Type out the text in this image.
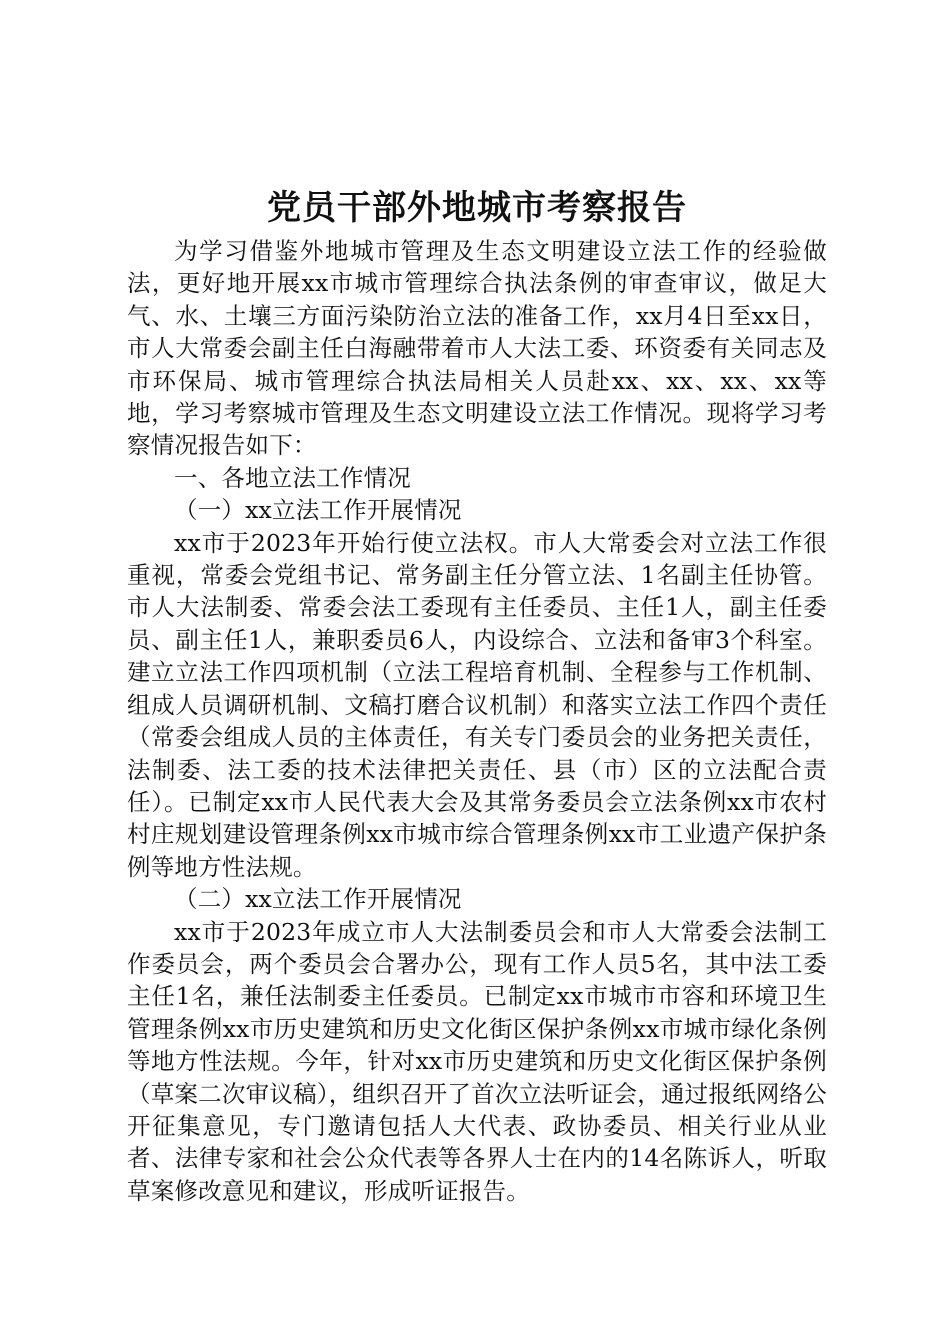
党员干部外地城市考察报告

为学习借鉴外地城市管理及生态文明建设立法工作的经验做法，更好地开展xx市城市管理综合执法条例的审查审议，做足大气、水、土壤三方面污染防治立法的准备工作，xx月4日至xx日，市人大常委会副主任白海融带着市人大法工委、环资委有关同志及市环保局、城市管理综合执法局相关人员赴xx、xx、xx、xx等地，学习考察城市管理及生态文明建设立法工作情况。现将学习考察情况报告如下：

一、各地立法工作情况

（一）xx立法工作开展情况

xx市于2023年开始行使立法权。市人大常委会对立法工作很重视，常委会党组书记、常务副主任分管立法、1名副主任协管。市人大法制委、常委会法工委现有主任委员、主任1人，副主任委员、副主任1人，兼职委员6人，内设综合、立法和备审3个科室。建立立法工作四项机制（立法工程培育机制、全程参与工作机制、组成人员调研机制、文稿打磨合议机制）和落实立法工作四个责任（常委会组成人员的主体责任，有关专门委员会的业务把关责任，法制委、法工委的技术法律把关责任、县（市）区的立法配合责任）。已制定xx市人民代表大会及其常务委员会立法条例xx市农村村庄规划建设管理条例xx市城市综合管理条例xx市工业遗产保护条例等地方性法规。

（二）xx立法工作开展情况

xx市于2023年成立市人大法制委员会和市人大常委会法制工作委员会，两个委员会合署办公，现有工作人员5名，其中法工委主任1名，兼任法制委主任委员。已制定xx市城市市容和环境卫生管理条例xx市历史建筑和历史文化街区保护条例xx市城市绿化条例等地方性法规。今年，针对xx市历史建筑和历史文化街区保护条例（草案二次审议稿），组织召开了首次立法听证会，通过报纸网络公开征集意见，专门邀请包括人大代表、政协委员、相关行业从业者、法律专家和社会公众代表等各界人士在内的14名陈诉人，听取草案修改意见和建议，形成听证报告。
